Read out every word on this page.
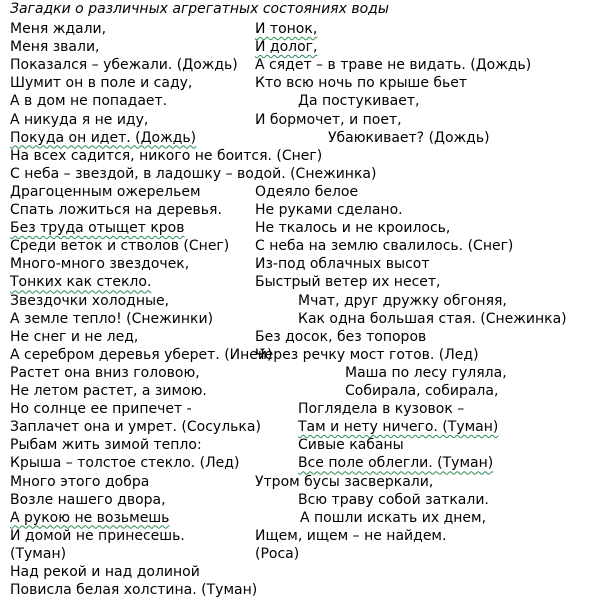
Загадки о различных агрегатных состояниях воды
Меня ждали,	И тонок,
Меня звали,	И долог,
Показался – убежали. (Дождь) А сядет – в траве не видать. (Дождь)
Шумит он в поле и саду,	Кто всю ночь по крыше бьет
А в дом не попадает.	Да постукивает,
А никуда я не иду,	И бормочет, и поет,
Покуда он идет. (Дождь)	Убаюкивает? (Дождь)
На всех садится, никого не боится. (Снег)
С неба – звездой, в ладошку – водой. (Снежинка)
Драгоценным ожерельем	Одеяло белое
Спать ложиться на деревья. Не руками сделано.
Без труда отыщет кров	Не ткалось и не кроилось,
Среди веток и стволов (Снег) С неба на землю свалилось. (Снег)
Много-много звездочек,	Из-под облачных высот
Тонких как стекло.	Быстрый ветер их несет,
Звездочки холодные,	Мчат, друг дружку обгоняя,
А земле тепло! (Снежинки)	Как одна большая стая. (Снежинка)
Не снег и не лед,	Без досок, без топоров
А серебром деревья уберет. (Иней)
Через речку мост готов. (Лед)
Растет она вниз головою,	Маша по лесу гуляла,
Не летом растет, а зимою.	Собирала, собирала,
Но солнце ее припечет -	Поглядела в кузовок –
Заплачет она и умрет. (Сосулька)	Там и нету ничего. (Туман)
Рыбам жить зимой тепло:	Сивые кабаны
Крыша – толстое стекло. (Лед)	Все поле облегли. (Туман)
Много этого добра	Утром бусы засверкали,
Возле нашего двора,	Всю траву собой заткали.
А рукою не возьмешь	А пошли искать их днем,
И домой не принесешь.	Ищем, ищем – не найдем.
(Туман)	(Роса)
Над рекой и над долиной
Повисла белая холстина. (Туман)
